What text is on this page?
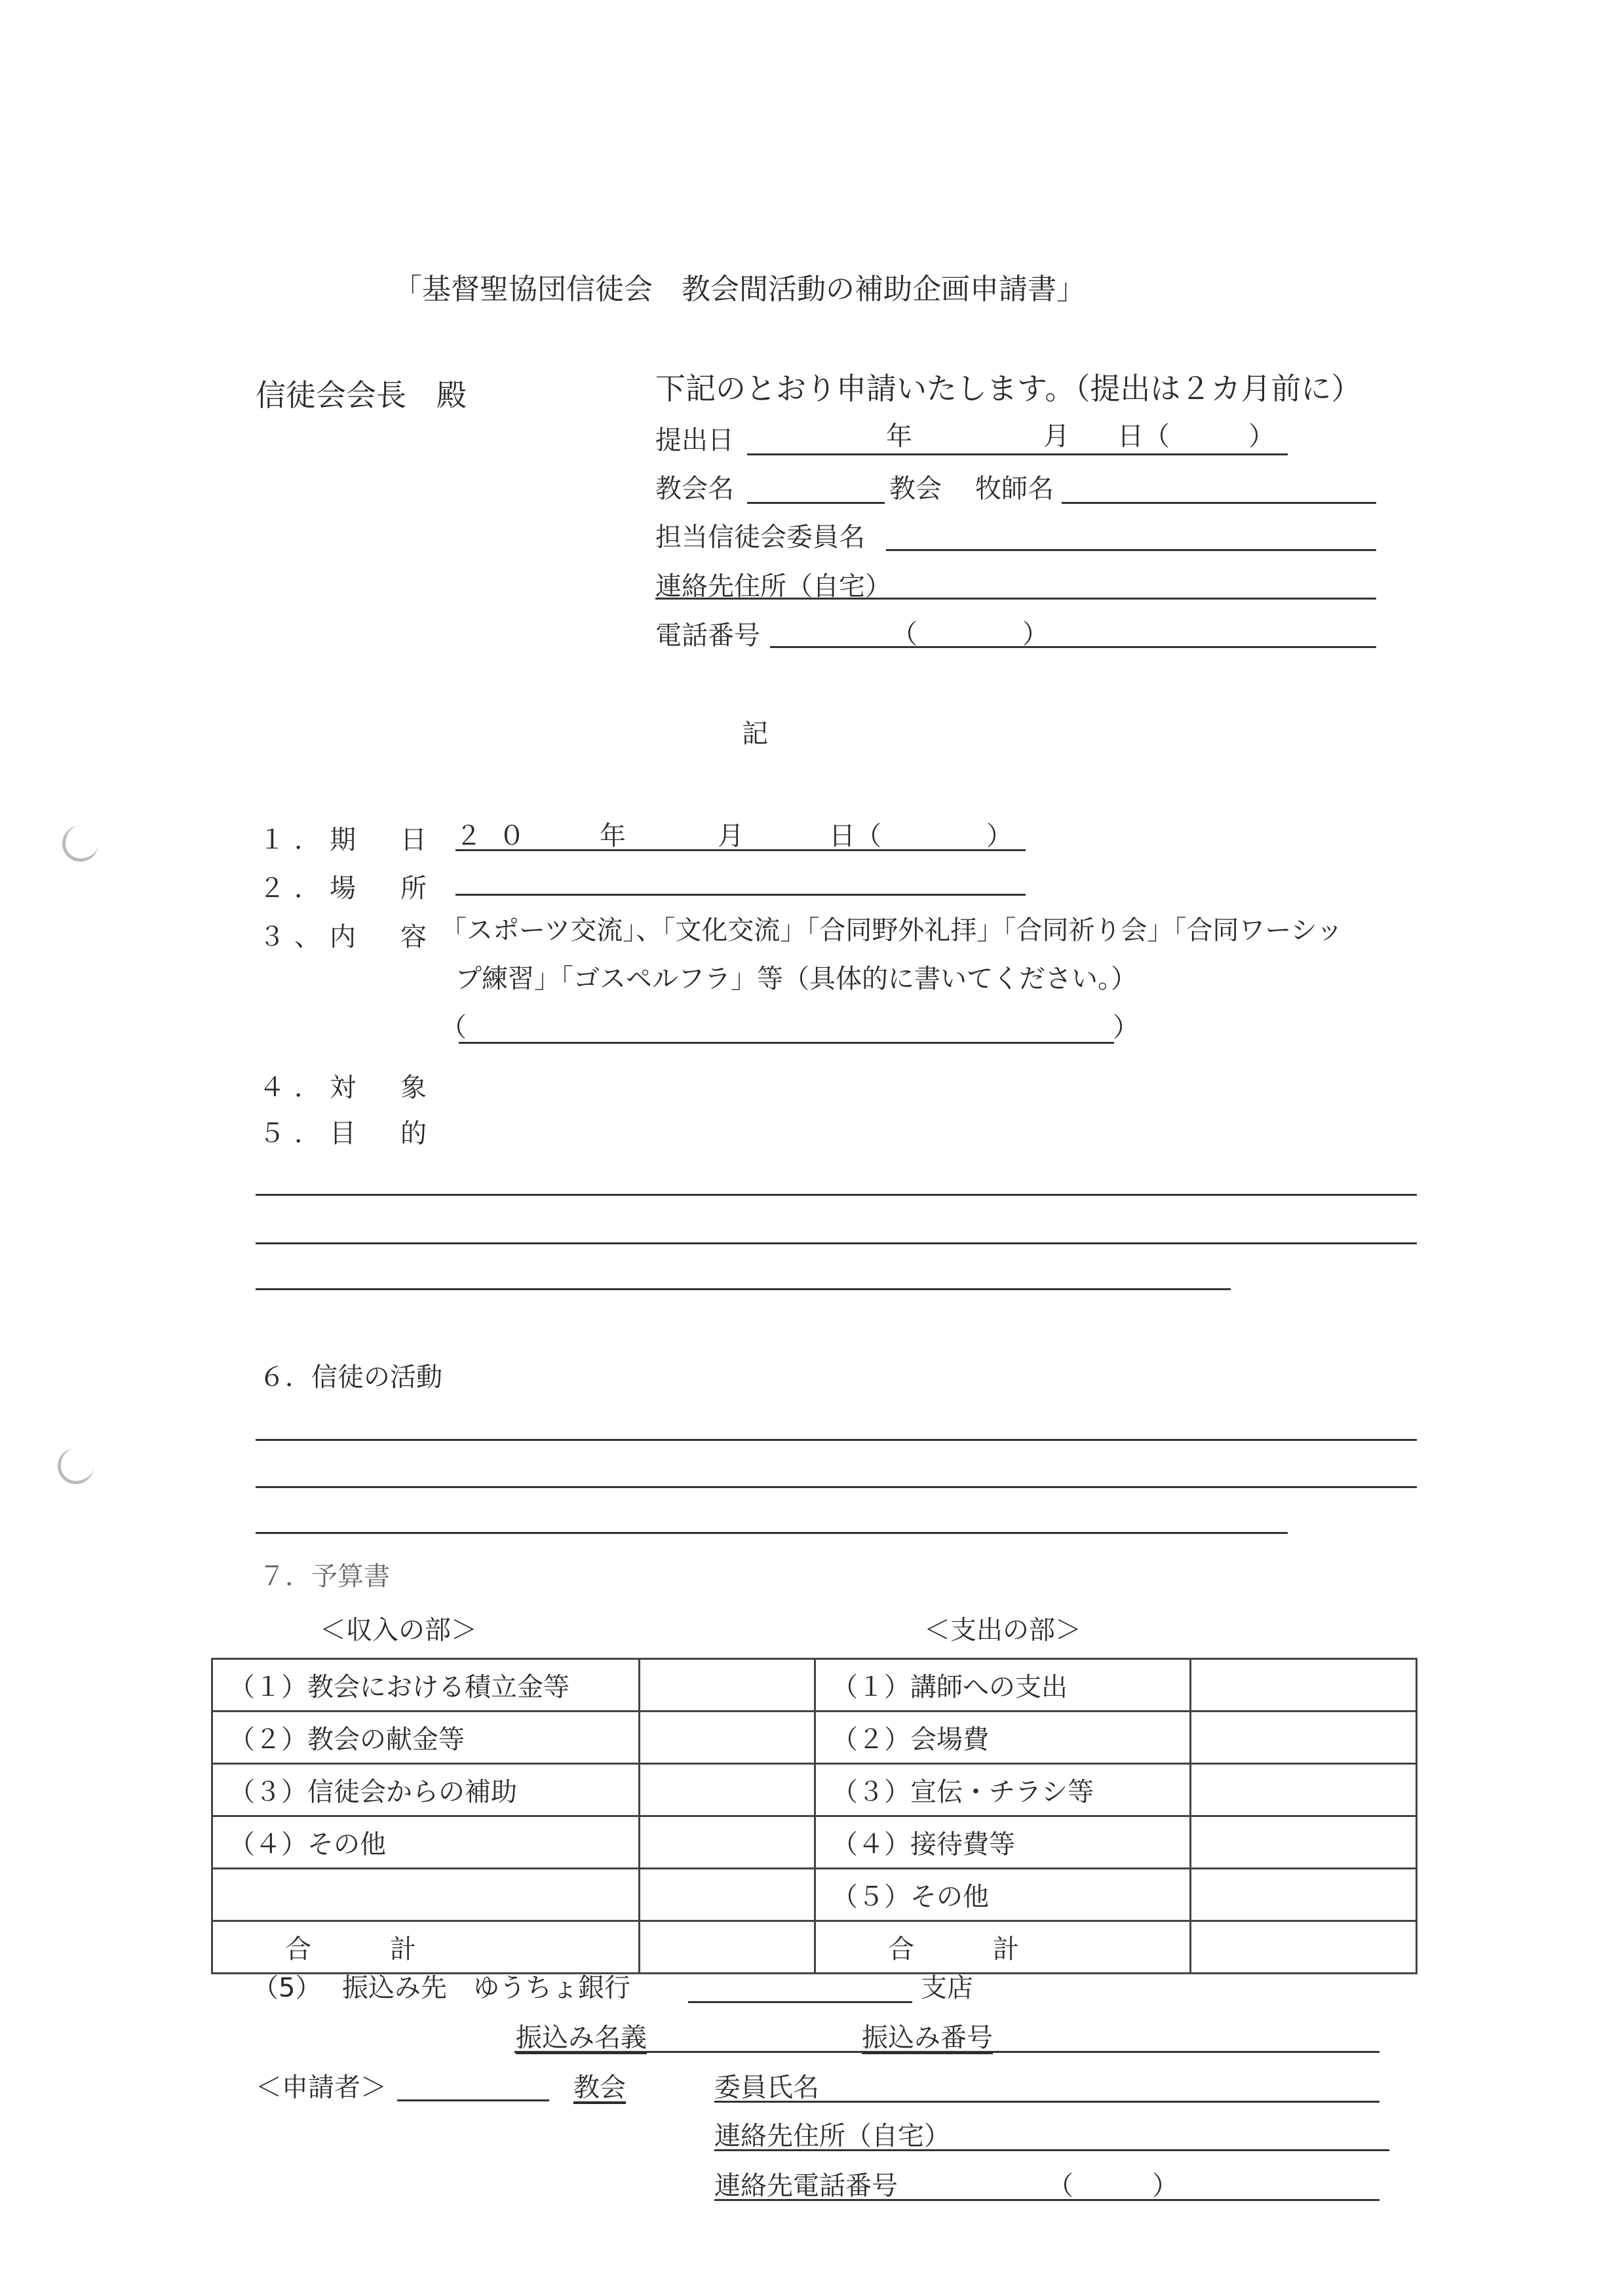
「基督聖協団信徒会　教会間活動の補助企画申請書」
信徒会会長　殿	下記のとおり申請いたします。（提出は２カ月前に）
提出日	年	月 日（　　　）
教会名	教会 牧師名
担当信徒会委員名
連絡先住所（自宅）
電話番号	（　　　　）
記
１．期　日 ２０ 年	月	日（　　　　）
２．場　所
３、内　容 「スポーツ交流」、「文化交流」「合同野外礼拝」「合同祈り会」「合同ワーシッ
プ練習」「ゴスペルフラ」等（具体的に書いてください。）
（	）
４．対　象
５．目　的
６．信徒の活動
７．予算書
＜収入の部＞	＜支出の部＞
（１）教会における積立金等		（１）講師への支出	
（２）教会の献金等		（２）会場費	
（３）信徒会からの補助		（３）宣伝・チラシ等	
（４）その他		（４）接待費等	
		（５）その他	
合　　　計		合　　　計	
（5） 振込み先　ゆうちょ銀行	支店
振込み名義	振込み番号
＜申請者＞	教会	委員氏名
連絡先住所（自宅）
連絡先電話番号	（　　　）
